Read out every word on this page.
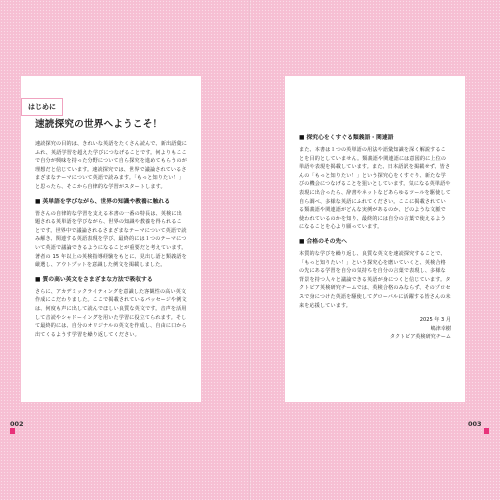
速読探究の世界へようこそ！

速読探究の目的は、きれいな英語をたくさん読んで、新出語彙にふれ、英語学習を超えた学びにつなげることです。何よりもここで自分が興味を持った分野について自ら探究を進めてもらうのが理想だと信じています。速読探究では、世界で議論されているさまざまなテーマについて英語で読みます。「もっと知りたい！」と思ったら、そこから自律的な学習がスタートします。

■ 英単語を学びながら、世界の知識や教養に触れる

皆さんの自律的な学習を支える本書の一番の特長は、英検に出題される英単語を学びながら、世界の知識や教養を得られることです。世界中で議論されるさまざまなテーマについて英語で読み解き、関連する英語表現を学び、最終的には１つのテーマについて英語で議論できるようになることが重要だと考えています。著者の 15 年以上の英検指導経験をもとに、見出し語と類義語を厳選し、アウトプットを意識した例文を掲載しました。

■ 質の高い英文をさまざまな方法で吸収する

さらに、アカデミックライティングを意識した客観性の高い英文作成にこだわりました。ここで掲載されているパッセージや例文は、何度も声に出して読んでほしい良質な英文です。音声を活用して音読やシャドーイングを用いた学習に役立てられます。そして最終的には、自分のオリジナルの英文を作成し、自由に口から出てくるようす学習を繰り返してください。

はじめに
■ 探究心をくすぐる類義語・関連語

また、本書は１つの英単語の用法や語彙知識を深く解説することを目的としていません。類義語や関連語には意図的に上位の単語や表現を掲載しています。また、日本語訳を掲載せず、皆さんの「もっと知りたい！」という探究心をくすぐり、新たな学びの機会につなげることを狙いとしています。気になる英単語や表現に出合ったら、辞書やネットなどあらゆるツールを駆使して自ら調べ、多様な英語にふれてください。ここに掲載されている類義語や関連語がどんな実例があるのか、どのような文脈で使われているのかを知り、最終的には自分の言葉で使えるようになることを心より願っています。

■ 合格のその先へ

本質的な学びを繰り返し、良質な英文を速読探究することで、「もっと知りたい！」という探究心を磨いていくと、英検合格の先にある学習を自分の気持ちを自分の言葉で表現し、多様な背景を持つ人々と議論できる英語が身につくと信じています。タクトピア英検研究チームでは、英検合格のみならず、そのプロセスで身につけた英語を駆使してグローバルに活躍する皆さんの未来を応援しています。

2025 年 3 月

嶋津幸樹

タクトピア英検研究チーム

002	003
